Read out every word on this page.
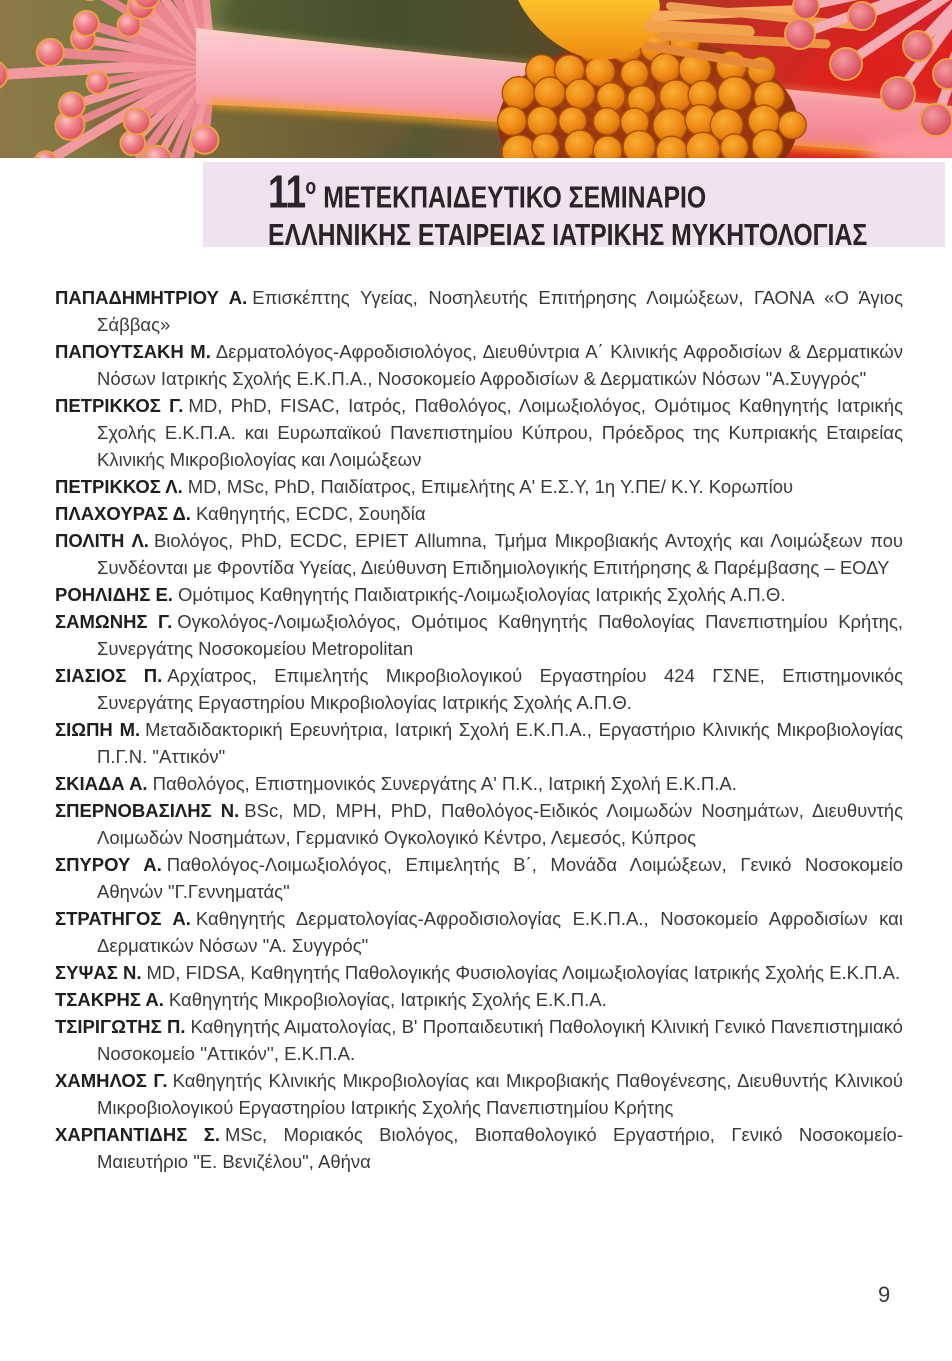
$11^o$ ΜΕΤΕΚΠΑΙΔΕΥΤΙΚΟ ΣΕΜΙΝΑΡΙΟ
ΕΛΛΗΝΙΚΗΣ ΕΤΑΙΡΕΙΑΣ ΙΑΤΡΙΚΗΣ ΜΥΚΗΤΟΛΟΓΙΑΣ

ΠΑΠΑΔΗΜΗΤΡΙΟΥ Α. Επισκέπτης Υγείας, Νοσηλευτής Επιτήρησης Λοιμώξεων, ΓΑΟΝΑ «Ο Άγιος Σάββας»

ΠΑΠΟΥΤΣΑΚΗ Μ. Δερματολόγος-Αφροδισιολόγος, Διευθύντρια Α΄ Κλινικής Αφροδισίων & Δερματικών Νόσων Ιατρικής Σχολής Ε.Κ.Π.Α., Νοσοκομείο Αφροδισίων & Δερματικών Νόσων "Α.Συγγρός"

ΠΕΤΡΙΚΚΟΣ Γ. MD, PhD, FISAC, Ιατρός, Παθολόγος, Λοιμωξιολόγος, Ομότιμος Καθηγητής Ιατρικής Σχολής Ε.Κ.Π.Α. και Ευρωπαϊκού Πανεπιστημίου Κύπρου, Πρόεδρος της Κυπριακής Εταιρείας Κλινικής Μικροβιολογίας και Λοιμώξεων

ΠΕΤΡΙΚΚΟΣ Λ. MD, MSc, PhD, Παιδίατρος, Επιμελήτης Α' Ε.Σ.Υ, 1η Υ.ΠΕ/ Κ.Υ. Κορωπίου

ΠΛΑΧΟΥΡΑΣ Δ. Καθηγητής, ECDC, Σουηδία

ΠΟΛΙΤΗ Λ. Βιολόγος, PhD, ECDC, EPIET Allumna, Τμήμα Μικροβιακής Αντοχής και Λοιμώξεων που Συνδέονται με Φροντίδα Υγείας, Διεύθυνση Επιδημιολογικής Επιτήρησης & Παρέμβασης – ΕΟΔΥ

ΡΟΗΛΙΔΗΣ Ε. Ομότιμος Καθηγητής Παιδιατρικής-Λοιμωξιολογίας Ιατρικής Σχολής Α.Π.Θ.

ΣΑΜΩΝΗΣ Γ. Ογκολόγος-Λοιμωξιολόγος, Ομότιμος Καθηγητής Παθολογίας Πανεπιστημίου Κρήτης, Συνεργάτης Νοσοκομείου Metropolitan

ΣΙΑΣΙΟΣ Π. Αρχίατρος, Επιμελητής Μικροβιολογικού Εργαστηρίου 424 ΓΣΝΕ, Επιστημονικός Συνεργάτης Εργαστηρίου Μικροβιολογίας Ιατρικής Σχολής Α.Π.Θ.

ΣΙΩΠΗ Μ. Μεταδιδακτορική Ερευνήτρια, Ιατρική Σχολή Ε.Κ.Π.Α., Εργαστήριο Κλινικής Μικροβιολογίας Π.Γ.Ν. "Αττικόν"

ΣΚΙΑΔΑ Α. Παθολόγος, Επιστημονικός Συνεργάτης Α' Π.Κ., Ιατρική Σχολή Ε.Κ.Π.Α.

ΣΠΕΡΝΟΒΑΣΙΛΗΣ Ν. BSc, MD, MPH, PhD, Παθολόγος-Ειδικός Λοιμωδών Νοσημάτων, Διευθυντής Λοιμωδών Νοσημάτων, Γερμανικό Ογκολογικό Κέντρο, Λεμεσός, Κύπρος

ΣΠΥΡΟΥ Α. Παθολόγος-Λοιμωξιολόγος, Επιμελητής Β΄, Μονάδα Λοιμώξεων, Γενικό Νοσοκομείο Αθηνών "Γ.Γεννηματάς"

ΣΤΡΑΤΗΓΟΣ Α. Καθηγητής Δερματολογίας-Αφροδισιολογίας Ε.Κ.Π.Α., Νοσοκομείο Αφροδισίων και Δερματικών Νόσων "Α. Συγγρός"

ΣΥΨΑΣ Ν. MD, FIDSA, Καθηγητής Παθολογικής Φυσιολογίας Λοιμωξιολογίας Ιατρικής Σχολής Ε.Κ.Π.Α.

ΤΣΑΚΡΗΣ Α. Καθηγητής Μικροβιολογίας, Ιατρικής Σχολής Ε.Κ.Π.Α.

ΤΣΙΡΙΓΩΤΗΣ Π. Καθηγητής Αιματολογίας, Β' Προπαιδευτική Παθολογική Κλινική Γενικό Πανεπιστημιακό Νοσοκομείο ''Αττικόν'', Ε.Κ.Π.Α.

ΧΑΜΗΛΟΣ Γ. Καθηγητής Κλινικής Μικροβιολογίας και Μικροβιακής Παθογένεσης, Διευθυντής Κλινικού Μικροβιολογικού Εργαστηρίου Ιατρικής Σχολής Πανεπιστημίου Κρήτης

ΧΑΡΠΑΝΤΙΔΗΣ Σ. MSc, Μοριακός Βιολόγος, Βιοπαθολογικό Εργαστήριο, Γενικό Νοσοκομείο-Μαιευτήριο "Ε. Βενιζέλου", Αθήνα

9
